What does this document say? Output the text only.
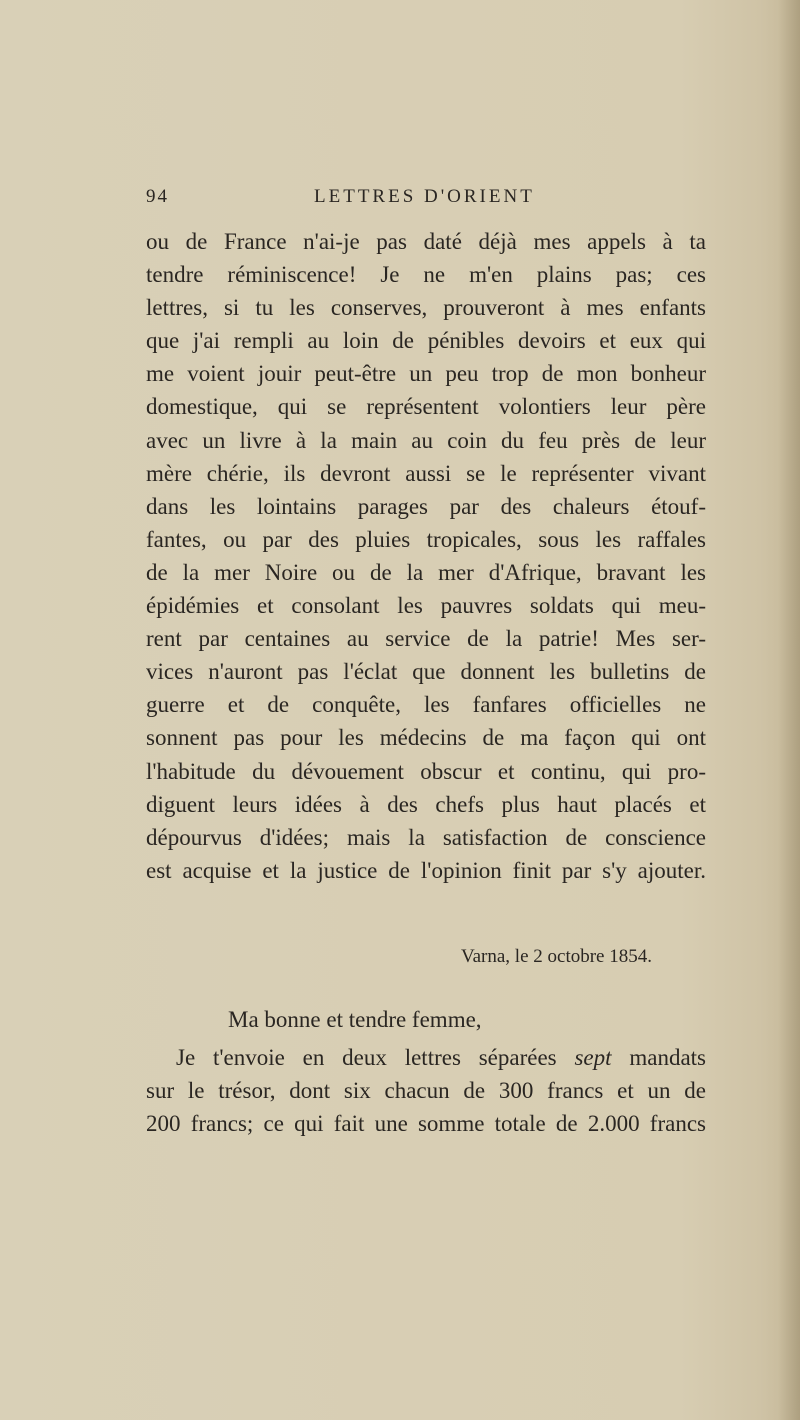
94	LETTRES D'ORIENT
ou de France n'ai-je pas daté déjà mes appels à ta
tendre réminiscence! Je ne m'en plains pas; ces
lettres, si tu les conserves, prouveront à mes enfants
que j'ai rempli au loin de pénibles devoirs et eux qui
me voient jouir peut-être un peu trop de mon bonheur
domestique, qui se représentent volontiers leur père
avec un livre à la main au coin du feu près de leur
mère chérie, ils devront aussi se le représenter vivant
dans les lointains parages par des chaleurs étouf-
fantes, ou par des pluies tropicales, sous les raffales
de la mer Noire ou de la mer d'Afrique, bravant les
épidémies et consolant les pauvres soldats qui meu-
rent par centaines au service de la patrie! Mes ser-
vices n'auront pas l'éclat que donnent les bulletins de
guerre et de conquête, les fanfares officielles ne
sonnent pas pour les médecins de ma façon qui ont
l'habitude du dévouement obscur et continu, qui pro-
diguent leurs idées à des chefs plus haut placés et
dépourvus d'idées; mais la satisfaction de conscience
est acquise et la justice de l'opinion finit par s'y ajouter.
Varna, le 2 octobre 1854.
Ma bonne et tendre femme,
Je t'envoie en deux lettres séparées sept mandats
sur le trésor, dont six chacun de 300 francs et un de
200 francs; ce qui fait une somme totale de 2.000 francs
